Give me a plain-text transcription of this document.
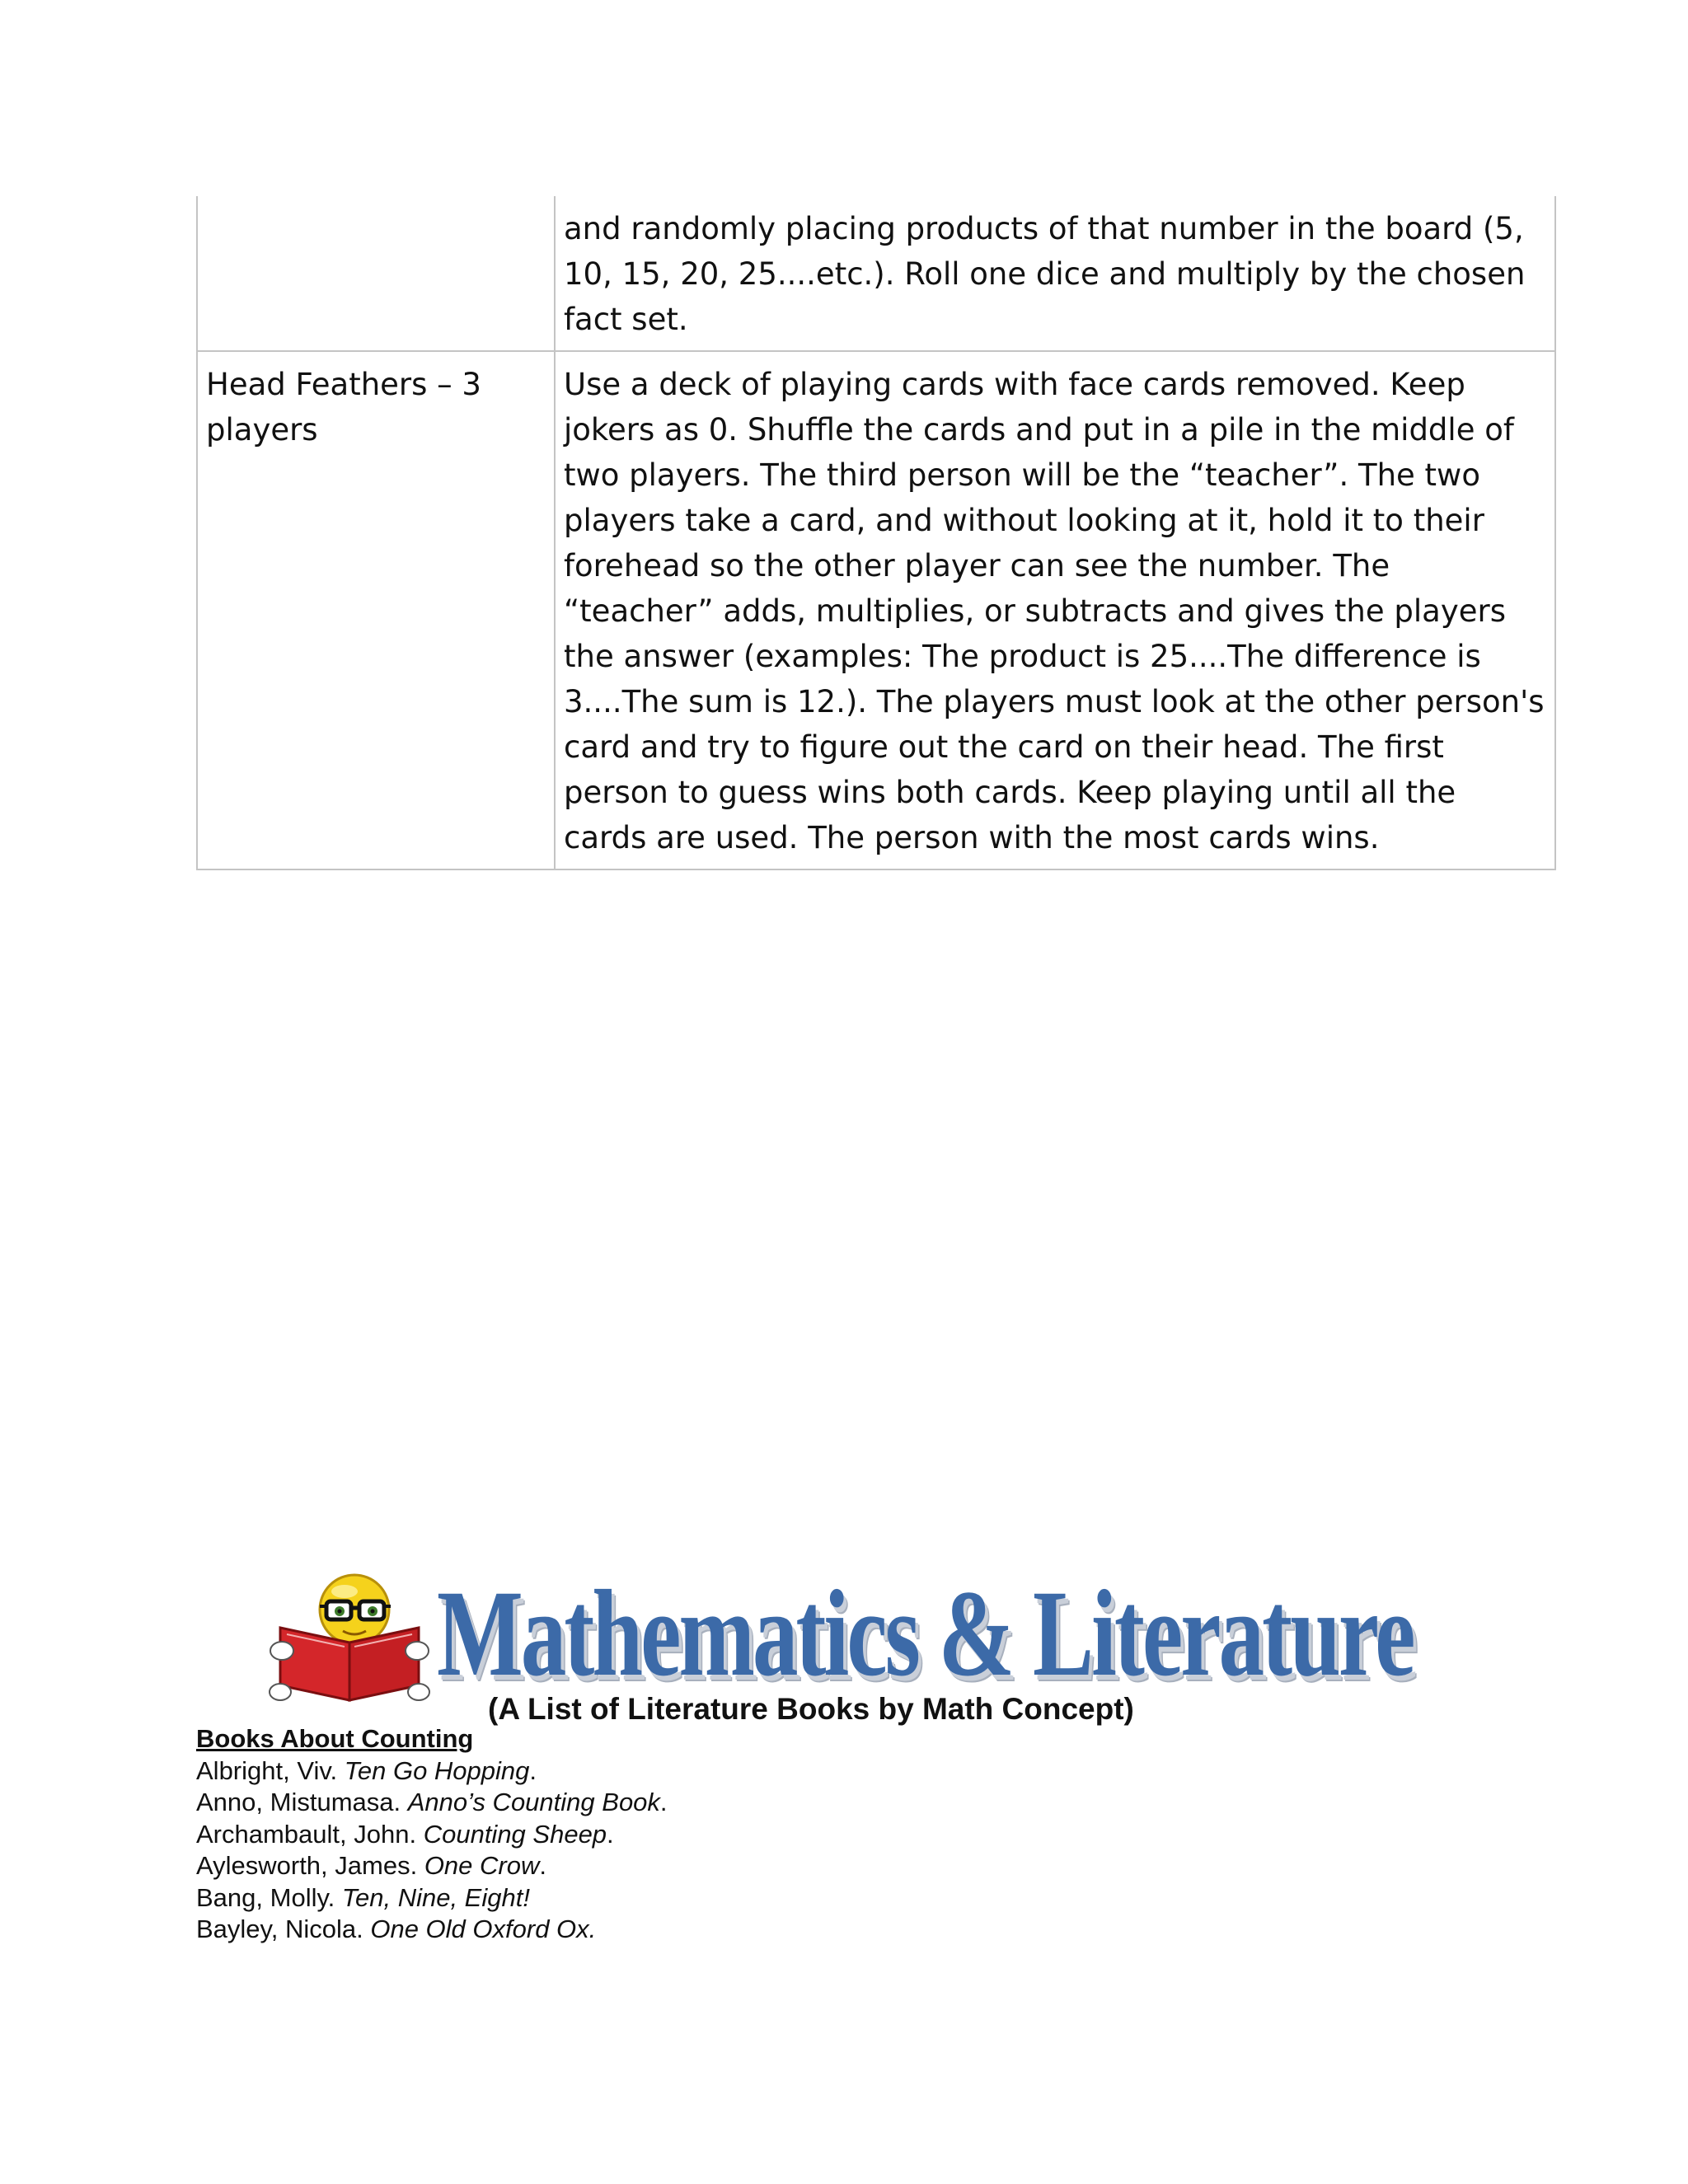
	and randomly placing products of that number in the board (5, 10, 15, 20, 25....etc.). Roll one dice and multiply by the chosen fact set.
Head Feathers – 3 players	Use a deck of playing cards with face cards removed. Keep jokers as 0. Shuffle the cards and put in a pile in the middle of two players. The third person will be the “teacher”. The two players take a card, and without looking at it, hold it to their forehead so the other player can see the number. The “teacher” adds, multiplies, or subtracts and gives the players the answer (examples: The product is 25....The difference is 3....The sum is 12.). The players must look at the other person's card and try to figure out the card on their head. The first person to guess wins both cards. Keep playing until all the cards are used. The person with the most cards wins.
Mathematics & Literature

(A List of Literature Books by Math Concept)

Books About Counting

Albright, Viv. Ten Go Hopping.
Anno, Mistumasa. Anno’s Counting Book.
Archambault, John. Counting Sheep.
Aylesworth, James. One Crow.
Bang, Molly. Ten, Nine, Eight!
Bayley, Nicola. One Old Oxford Ox.
